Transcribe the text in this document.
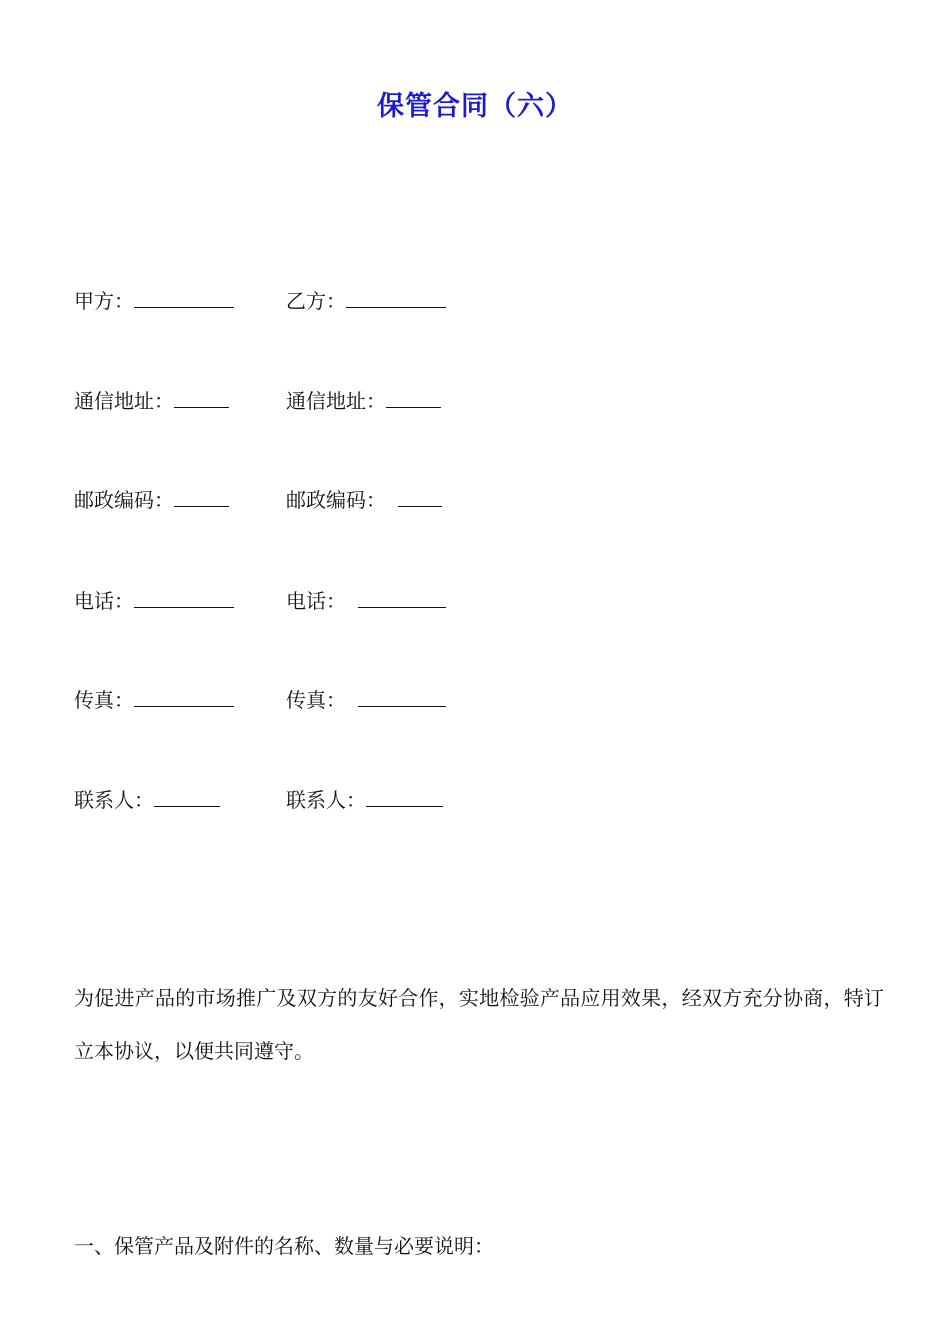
保管合同（六）
甲方：	乙方：
通信地址：	通信地址：
邮政编码：	邮政编码：
电话：	电话：
传真：	传真：
联系人：	联系人：
为促进产品的市场推广及双方的友好合作，实地检验产品应用效果，经双方充分协商，特订立本协议，以便共同遵守。
一、保管产品及附件的名称、数量与必要说明：
